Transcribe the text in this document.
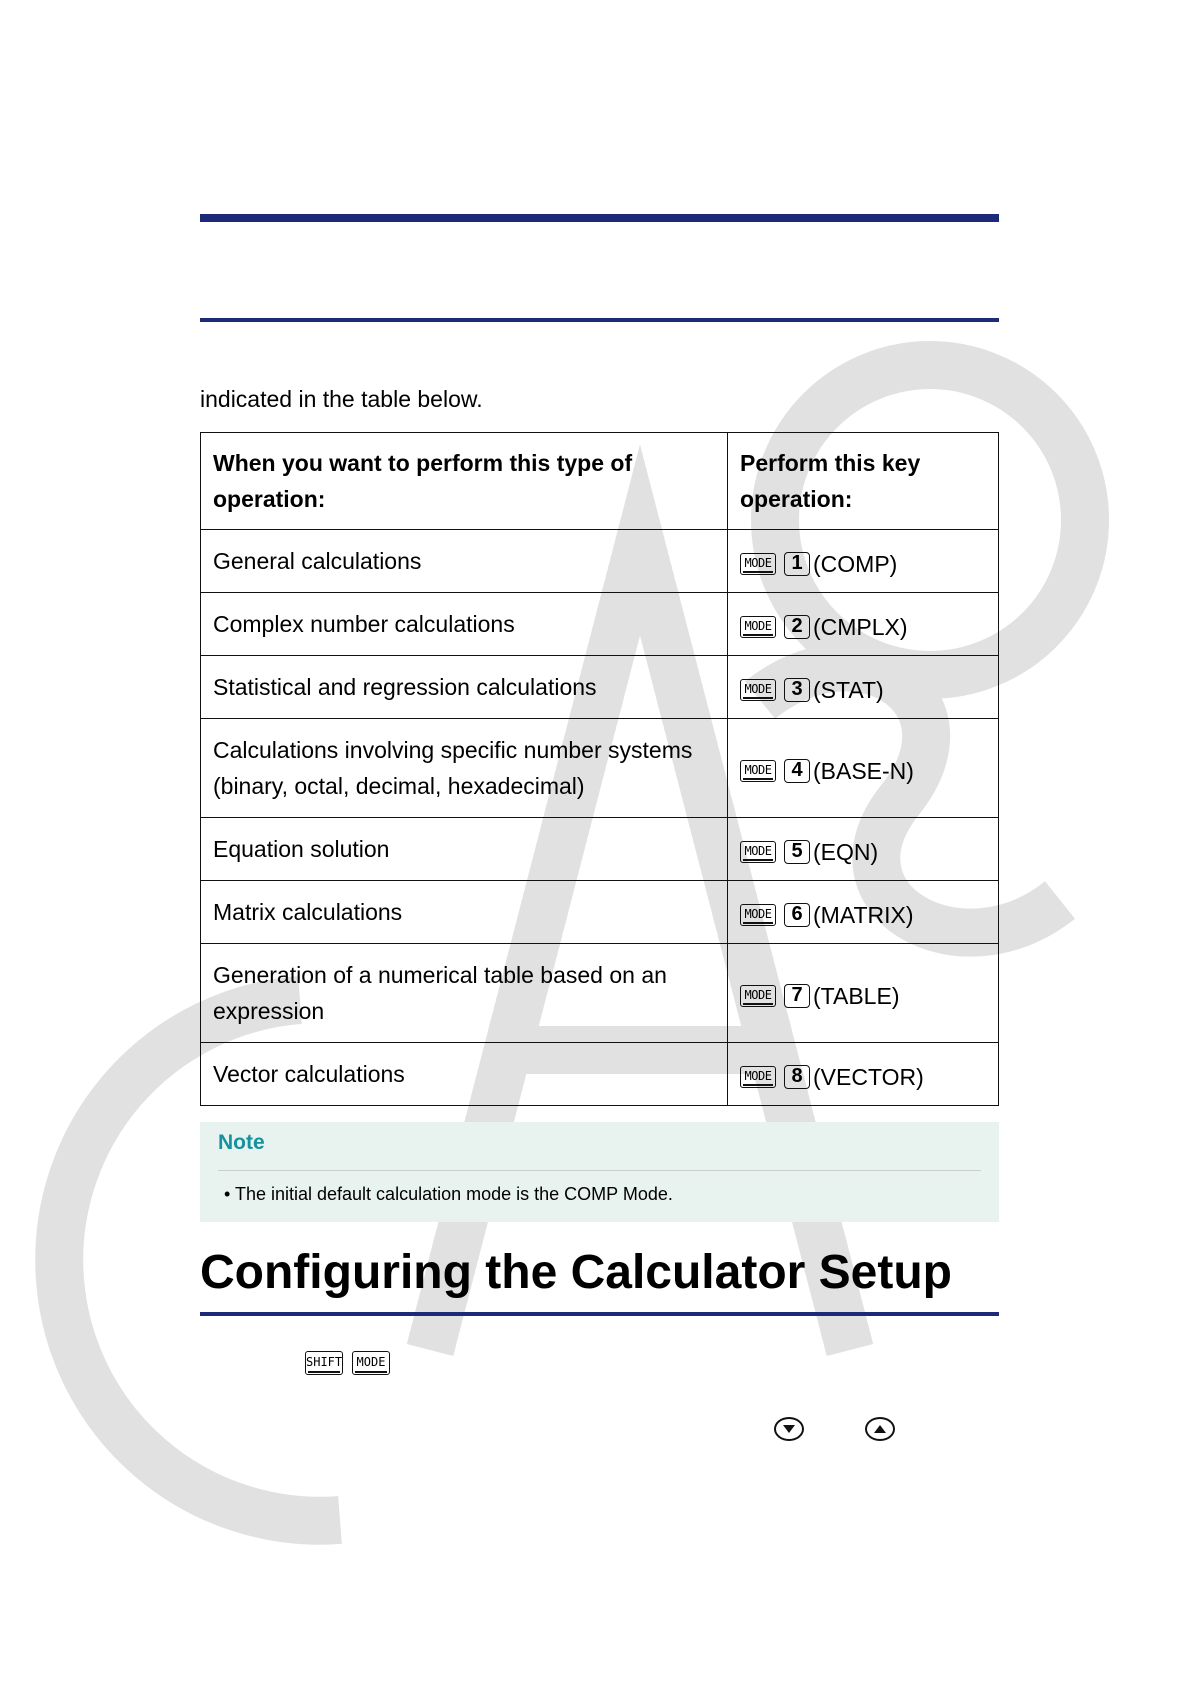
indicated in the table below.

When you want to perform this type of operation:	Perform this key operation:
General calculations	MODE 1 (COMP)

Complex number calculations	MODE 2 (CMPLX)

Statistical and regression calculations	MODE 3 (STAT)

Calculations involving specific number systems (binary, octal, decimal, hexadecimal)	MODE 4 (BASE-N)

Equation solution	MODE 5 (EQN)

Matrix calculations	MODE 6 (MATRIX)

Generation of a numerical table based on an expression	MODE 7 (TABLE)

Vector calculations	MODE 8 (VECTOR)

Note

• The initial default calculation mode is the COMP Mode.

Configuring the Calculator Setup
SHIFT	MODE
